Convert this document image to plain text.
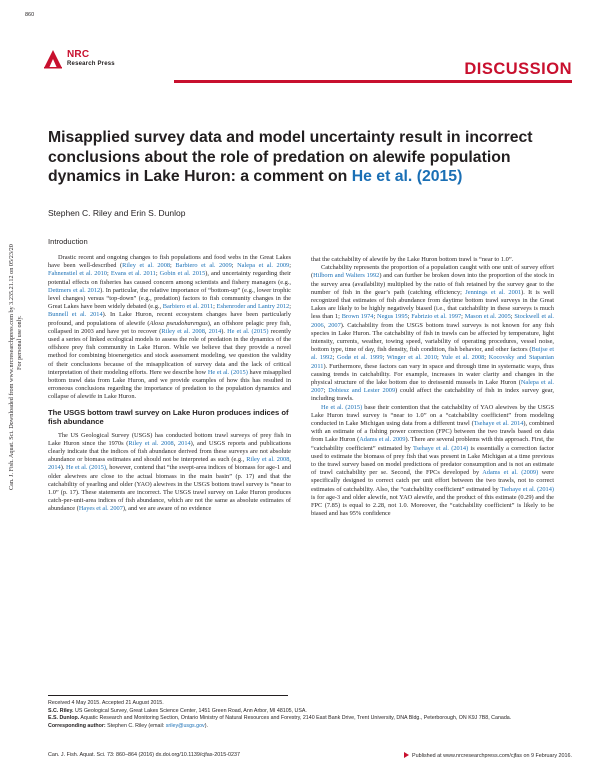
860
NRC
Research Press	DISCUSSION
Can. J. Fish. Aquat. Sci. Downloaded from www.nrcresearchpress.com by 3.235.21.12 on 05/23/20 For personal use only.
Misapplied survey data and model uncertainty result in incorrect conclusions about the role of predation on alewife population dynamics in Lake Huron: a comment on He et al. (2015)
Stephen C. Riley and Erin S. Dunlop
Introduction

Drastic recent and ongoing changes to fish populations and food webs in the Great Lakes have been well-described (Riley et al. 2008; Barbiero et al. 2009; Nalepa et al. 2009; Fahnenstiel et al. 2010; Evans et al. 2011; Gobin et al. 2015), and uncertainty regarding their potential effects on fisheries has caused concern among scientists and fishery managers (e.g., Dettmers et al. 2012). In particular, the relative importance of “bottom-up” (e.g., lower trophic level changes) versus “top-down” (e.g., predation) factors to fish community changes in the Great Lakes have been widely debated (e.g., Barbiero et al. 2011; Eshenroder and Lantry 2012; Bunnell et al. 2014). In Lake Huron, recent ecosystem changes have been particularly profound, and populations of alewife (Alosa pseudoharengus), an offshore pelagic prey fish, collapsed in 2003 and have yet to recover (Riley et al. 2008, 2014). He et al. (2015) recently used a series of linked ecological models to assess the role of predation in the dynamics of the offshore prey fish community in Lake Huron. While we believe that they provide a novel method for combining bioenergetics and stock assessment modeling, we question the validity of their conclusions because of the misapplication of survey data and the lack of critical interpretation of their modeling efforts. Here we describe how He et al. (2015) have misapplied bottom trawl data from Lake Huron, and we provide examples of how this has resulted in erroneous conclusions regarding the importance of predation to the population dynamics and collapse of alewife in Lake Huron.

The USGS bottom trawl survey on Lake Huron produces indices of fish abundance

The US Geological Survey (USGS) has conducted bottom trawl surveys of prey fish in Lake Huron since the 1970s (Riley et al. 2008, 2014), and USGS reports and publications clearly indicate that the indices of fish abundance derived from these surveys are not absolute abundance or biomass estimates and should not be interpreted as such (e.g., Riley et al. 2008, 2014). He et al. (2015), however, contend that “the swept-area indices of biomass for age-1 and older alewives are close to the actual biomass in the main basin” (p. 17) and that the catchability of yearling and older (YAO) alewives in the USGS bottom trawl survey is “near to 1.0” (p. 17). These statements are incorrect. The USGS trawl survey on Lake Huron produces catch-per-unit-area indices of fish abundance, which are not the same as absolute estimates of abundance (Hayes et al. 2007), and we are aware of no evidence

that the catchability of alewife by the Lake Huron bottom trawl is “near to 1.0”.

Catchability represents the proportion of a population caught with one unit of survey effort (Hilborn and Walters 1992) and can further be broken down into the proportion of the stock in the survey area (availability) multiplied by the ratio of fish retained by the survey gear to the number of fish in the gear’s path (catching efficiency; Jennings et al. 2001). It is well recognized that estimates of fish abundance from daytime bottom trawl surveys in the Great Lakes are likely to be highly negatively biased (i.e., that catchability in these surveys is much less than 1; Brown 1974; Negus 1995; Fabrizio et al. 1997; Mason et al. 2005; Stockwell et al. 2006, 2007). Catchability from the USGS bottom trawl surveys is not known for any fish species in Lake Huron. The catchability of fish in trawls can be affected by temperature, light intensity, currents, weather, towing speed, variability of operating procedures, vessel noise, bottom type, time of day, fish density, fish condition, fish behavior, and other factors (Buijse et al. 1992; Godø et al. 1999; Winger et al. 2010; Yule et al. 2008; Kocovsky and Stapanian 2011). Furthermore, these factors can vary in space and through time in systematic ways, thus causing trends in catchability. For example, increases in water clarity and changes in the physical structure of the lake bottom due to dreissenid mussels in Lake Huron (Nalepa et al. 2007; Dobiesz and Lester 2009) could affect the catchability of fish in index survey gear, including trawls.

He et al. (2015) base their contention that the catchability of YAO alewives by the USGS Lake Huron trawl survey is “near to 1.0” on a “catchability coefficient” from modeling conducted in Lake Michigan using data from a different trawl (Tsehaye et al. 2014), combined with an estimate of a fishing power correction (FPC) between the two trawls based on data from Lake Huron (Adams et al. 2009). There are several problems with this approach. First, the “catchability coefficient” estimated by Tsehaye et al. (2014) is essentially a correction factor used to estimate the biomass of prey fish that was present in Lake Michigan at a time previous to the trawl survey based on model predictions of predator consumption and is not an estimate of trawl catchability per se. Second, the FPCs developed by Adams et al. (2009) were specifically designed to correct catch per unit effort between the two trawls, not to correct estimates of catchability. Also, the “catchability coefficient” estimated by Tsehaye et al. (2014) is for age-3 and older alewife, not YAO alewife, and the product of this estimate (0.29) and the FPC (7.85) is equal to 2.28, not 1.0. Moreover, the “catchability coefficient” is likely to be biased and has 95% confidence

Received 4 May 2015. Accepted 21 August 2015.
S.C. Riley. US Geological Survey, Great Lakes Science Center, 1451 Green Road, Ann Arbor, MI 48105, USA.
E.S. Dunlop. Aquatic Research and Monitoring Section, Ontario Ministry of Natural Resources and Forestry, 2140 East Bank Drive, Trent University, DNA Bldg., Peterborough, ON K9J 7B8, Canada.
Corresponding author: Stephen C. Riley (email: sriley@usgs.gov).
Can. J. Fish. Aquat. Sci. 73: 860–864 (2016) dx.doi.org/10.1139/cjfas-2015-0237	Published at www.nrcresearchpress.com/cjfas on 9 February 2016.
